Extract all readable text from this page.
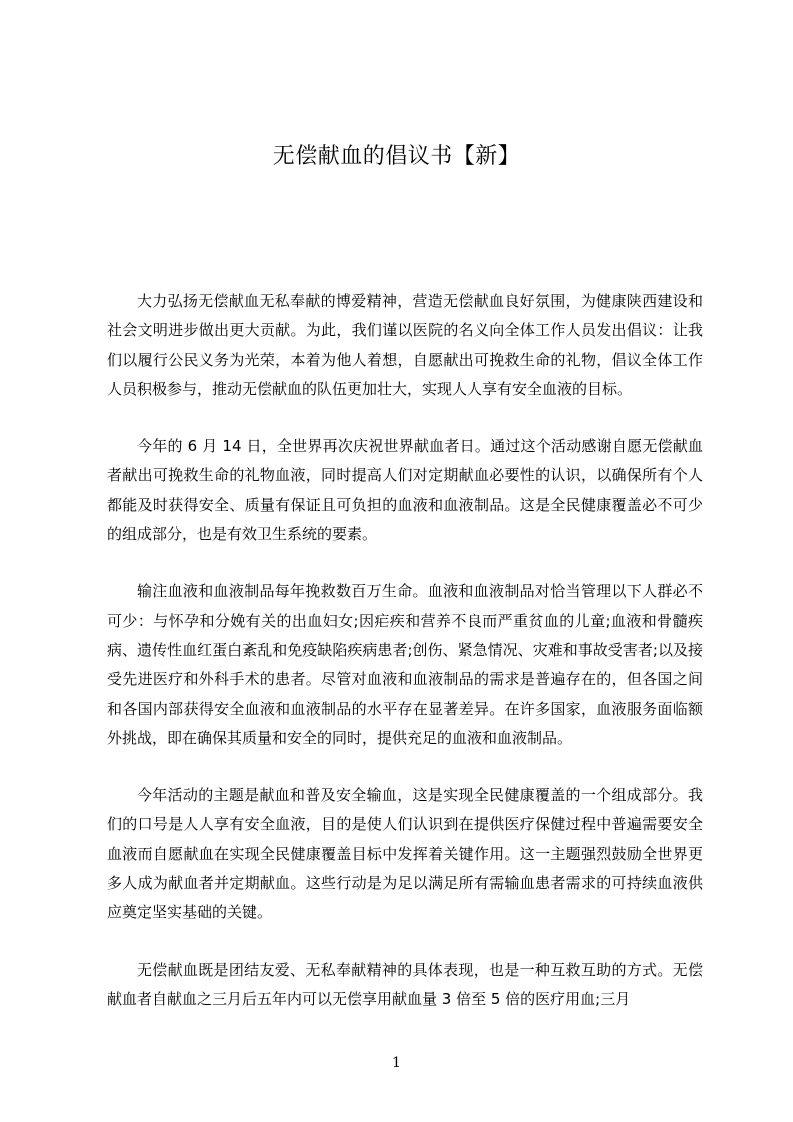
无偿献血的倡议书【新】

大力弘扬无偿献血无私奉献的博爱精神，营造无偿献血良好氛围，为健康陕西建设和社会文明进步做出更大贡献。为此，我们谨以医院的名义向全体工作人员发出倡议：让我们以履行公民义务为光荣，本着为他人着想，自愿献出可挽救生命的礼物，倡议全体工作人员积极参与，推动无偿献血的队伍更加壮大，实现人人享有安全血液的目标。

今年的 6 月 14 日，全世界再次庆祝世界献血者日。通过这个活动感谢自愿无偿献血者献出可挽救生命的礼物血液，同时提高人们对定期献血必要性的认识，以确保所有个人都能及时获得安全、质量有保证且可负担的血液和血液制品。这是全民健康覆盖必不可少的组成部分，也是有效卫生系统的要素。

输注血液和血液制品每年挽救数百万生命。血液和血液制品对恰当管理以下人群必不可少：与怀孕和分娩有关的出血妇女;因疟疾和营养不良而严重贫血的儿童;血液和骨髓疾病、遗传性血红蛋白紊乱和免疫缺陷疾病患者;创伤、紧急情况、灾难和事故受害者;以及接受先进医疗和外科手术的患者。尽管对血液和血液制品的需求是普遍存在的，但各国之间和各国内部获得安全血液和血液制品的水平存在显著差异。在许多国家，血液服务面临额外挑战，即在确保其质量和安全的同时，提供充足的血液和血液制品。

今年活动的主题是献血和普及安全输血，这是实现全民健康覆盖的一个组成部分。我们的口号是人人享有安全血液，目的是使人们认识到在提供医疗保健过程中普遍需要安全血液而自愿献血在实现全民健康覆盖目标中发挥着关键作用。这一主题强烈鼓励全世界更多人成为献血者并定期献血。这些行动是为足以满足所有需输血患者需求的可持续血液供应奠定坚实基础的关键。

无偿献血既是团结友爱、无私奉献精神的具体表现，也是一种互救互助的方式。无偿献血者自献血之三月后五年内可以无偿享用献血量 3 倍至 5 倍的医疗用血;三月

1
